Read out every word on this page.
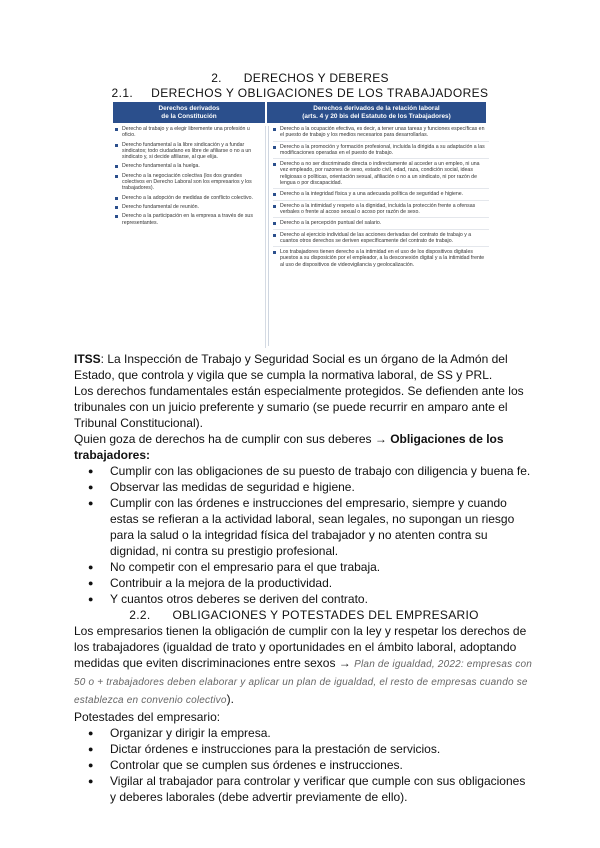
2. DERECHOS Y DEBERES
2.1. DERECHOS Y OBLIGACIONES DE LOS TRABAJADORES
Derechos derivados
de la Constitución
Derechos derivados de la relación laboral
(arts. 4 y 20 bis del Estatuto de los Trabajadores)
Derecho al trabajo y a elegir libremente una profesión u oficio.
Derecho fundamental a la libre sindicación y a fundar sindicatos; todo ciudadano es libre de afiliarse o no a un sindicato y, si decide afiliarse, al que elija.
Derecho fundamental a la huelga.
Derecho a la negociación colectiva (los dos grandes colectivos en Derecho Laboral son los empresarios y los trabajadores).
Derecho a la adopción de medidas de conflicto colectivo.
Derecho fundamental de reunión.
Derecho a la participación en la empresa a través de sus representantes.
Derecho a la ocupación efectiva, es decir, a tener unas tareas y funciones específicas en el puesto de trabajo y los medios necesarios para desarrollarlas.
Derecho a la promoción y formación profesional, incluida la dirigida a su adaptación a las modificaciones operadas en el puesto de trabajo.
Derecho a no ser discriminado directa o indirectamente al acceder a un empleo, ni una vez empleado, por razones de sexo, estado civil, edad, raza, condición social, ideas religiosas o políticas, orientación sexual, afiliación o no a un sindicato, ni por razón de lengua o por discapacidad.
Derecho a la integridad física y a una adecuada política de seguridad e higiene.
Derecho a la intimidad y respeto a la dignidad, incluida la protección frente a ofensas verbales o frente al acoso sexual o acoso por razón de sexo.
Derecho a la percepción puntual del salario.
Derecho al ejercicio individual de las acciones derivadas del contrato de trabajo y a cuantos otros derechos se deriven específicamente del contrato de trabajo.
Los trabajadores tienen derecho a la intimidad en el uso de los dispositivos digitales puestos a su disposición por el empleador, a la desconexión digital y a la intimidad frente al uso de dispositivos de videovigilancia y geolocalización.

ITSS: La Inspección de Trabajo y Seguridad Social es un órgano de la Admón del Estado, que controla y vigila que se cumpla la normativa laboral, de SS y PRL.

Los derechos fundamentales están especialmente protegidos. Se defienden ante los tribunales con un juicio preferente y sumario (se puede recurrir en amparo ante el Tribunal Constitucional).

Quien goza de derechos ha de cumplir con sus deberes → Obligaciones de los trabajadores:

● Cumplir con las obligaciones de su puesto de trabajo con diligencia y buena fe.
● Observar las medidas de seguridad e higiene.
● Cumplir con las órdenes e instrucciones del empresario, siempre y cuando estas se refieran a la actividad laboral, sean legales, no supongan un riesgo para la salud o la integridad física del trabajador y no atenten contra su dignidad, ni contra su prestigio profesional.
● No competir con el empresario para el que trabaja.
● Contribuir a la mejora de la productividad.
● Y cuantos otros deberes se deriven del contrato.

2.2. OBLIGACIONES Y POTESTADES DEL EMPRESARIO

Los empresarios tienen la obligación de cumplir con la ley y respetar los derechos de los trabajadores (igualdad de trato y oportunidades en el ámbito laboral, adoptando medidas que eviten discriminaciones entre sexos → Plan de igualdad, 2022: empresas con 50 o + trabajadores deben elaborar y aplicar un plan de igualdad, el resto de empresas cuando se establezca en convenio colectivo).

Potestades del empresario:

● Organizar y dirigir la empresa.
● Dictar órdenes e instrucciones para la prestación de servicios.
● Controlar que se cumplen sus órdenes e instrucciones.
● Vigilar al trabajador para controlar y verificar que cumple con sus obligaciones y deberes laborales (debe advertir previamente de ello).
